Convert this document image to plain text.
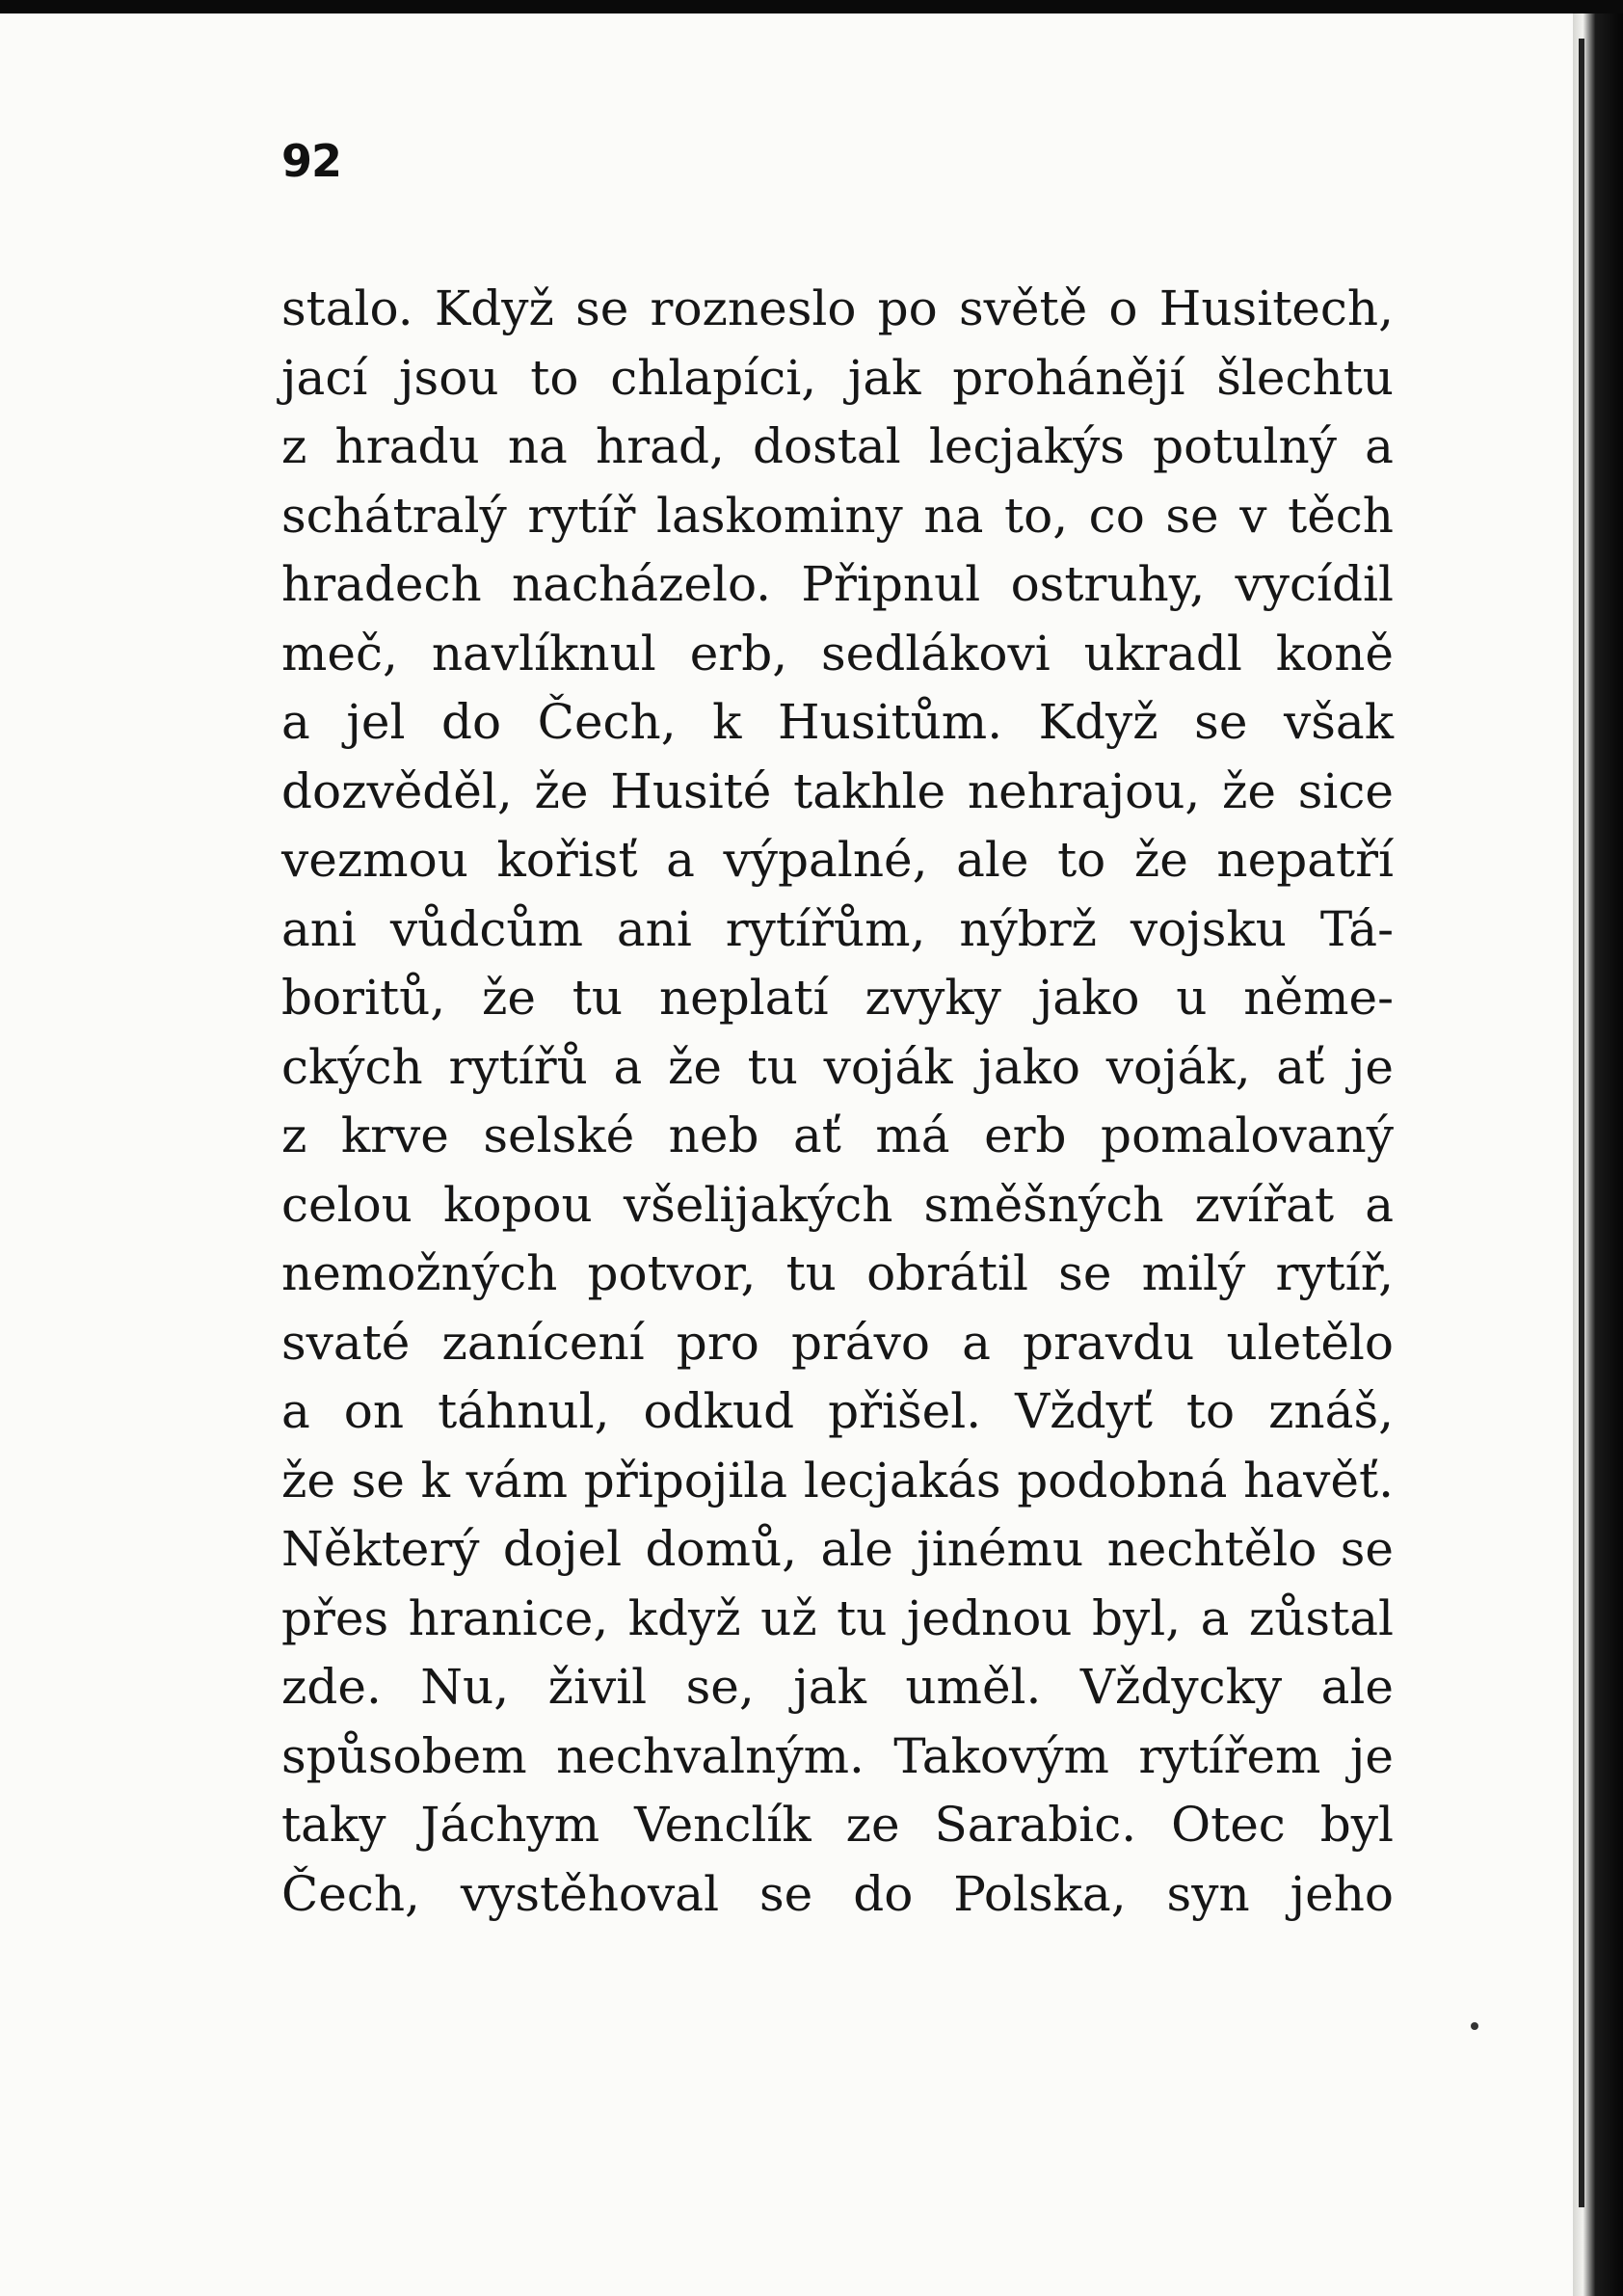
92
stalo. Když se rozneslo po světě o Husitech,
jací jsou to chlapíci, jak prohánějí šlechtu
z hradu na hrad, dostal lecjakýs potulný a
schátralý rytíř laskominy na to, co se v těch
hradech nacházelo. Připnul ostruhy, vycídil
meč, navlíknul erb, sedlákovi ukradl koně
a jel do Čech, k Husitům. Když se však
dozvěděl, že Husité takhle nehrajou, že sice
vezmou kořisť a výpalné, ale to že nepatří
ani vůdcům ani rytířům, nýbrž vojsku Tá-
boritů, že tu neplatí zvyky jako u něme-
ckých rytířů a že tu voják jako voják, ať je
z krve selské neb ať má erb pomalovaný
celou kopou všelijakých směšných zvířat a
nemožných potvor, tu obrátil se milý rytíř,
svaté zanícení pro právo a pravdu uletělo
a on táhnul, odkud přišel. Vždyť to znáš,
že se k vám připojila lecjakás podobná havěť.
Některý dojel domů, ale jinému nechtělo se
přes hranice, když už tu jednou byl, a zůstal
zde. Nu, živil se, jak uměl. Vždycky ale
spůsobem nechvalným. Takovým rytířem je
taky Jáchym Venclík ze Sarabic. Otec byl
Čech, vystěhoval se do Polska, syn jeho
